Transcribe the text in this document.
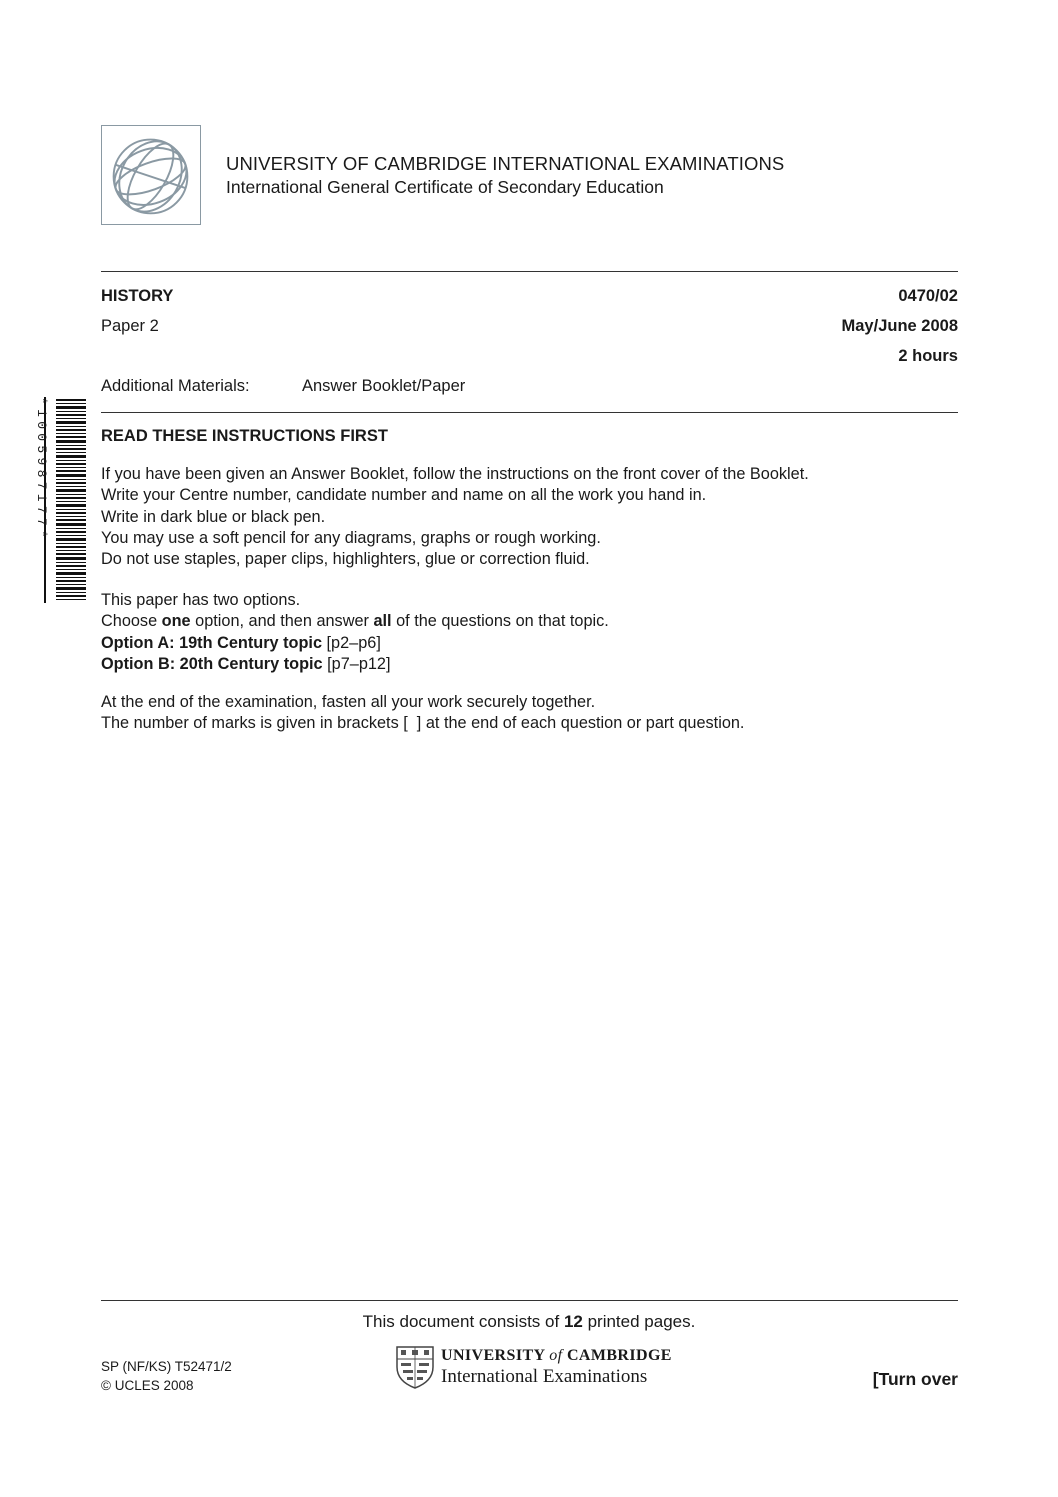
UNIVERSITY OF CAMBRIDGE INTERNATIONAL EXAMINATIONS
International General Certificate of Secondary Education
HISTORY	0470/02
Paper 2	May/June 2008
2 hours
Additional Materials:	Answer Booklet/Paper
*1005987177*	READ THESE INSTRUCTIONS FIRST

If you have been given an Answer Booklet, follow the instructions on the front cover of the Booklet.

Write your Centre number, candidate number and name on all the work you hand in.

Write in dark blue or black pen.

You may use a soft pencil for any diagrams, graphs or rough working.

Do not use staples, paper clips, highlighters, glue or correction fluid.

This paper has two options.

Choose one option, and then answer all of the questions on that topic.

Option A: 19th Century topic [p2–p6]

Option B: 20th Century topic [p7–p12]

At the end of the examination, fasten all your work securely together.

The number of marks is given in brackets [  ] at the end of each question or part question.

This document consists of 12 printed pages.
SP (NF/KS) T52471/2
© UCLES 2008
UNIVERSITY of CAMBRIDGE
International Examinations	[Turn over
